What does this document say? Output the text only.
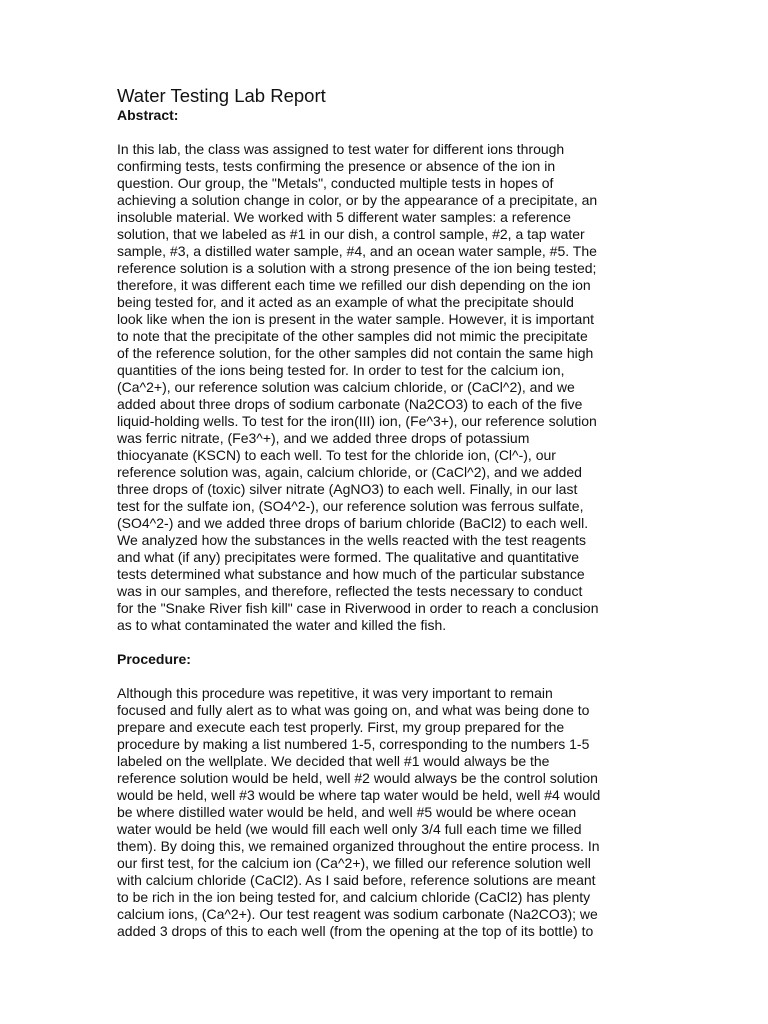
Water Testing Lab Report
Abstract:

In this lab, the class was assigned to test water for different ions through
confirming tests, tests confirming the presence or absence of the ion in
question. Our group, the "Metals", conducted multiple tests in hopes of
achieving a solution change in color, or by the appearance of a precipitate, an
insoluble material. We worked with 5 different water samples: a reference
solution, that we labeled as #1 in our dish, a control sample, #2, a tap water
sample, #3, a distilled water sample, #4, and an ocean water sample, #5. The
reference solution is a solution with a strong presence of the ion being tested;
therefore, it was different each time we refilled our dish depending on the ion
being tested for, and it acted as an example of what the precipitate should
look like when the ion is present in the water sample. However, it is important
to note that the precipitate of the other samples did not mimic the precipitate
of the reference solution, for the other samples did not contain the same high
quantities of the ions being tested for. In order to test for the calcium ion,
(Ca^2+), our reference solution was calcium chloride, or (CaCl^2), and we
added about three drops of sodium carbonate (Na2CO3) to each of the five
liquid-holding wells. To test for the iron(III) ion, (Fe^3+), our reference solution
was ferric nitrate, (Fe3^+), and we added three drops of potassium
thiocyanate (KSCN) to each well. To test for the chloride ion, (Cl^-), our
reference solution was, again, calcium chloride, or (CaCl^2), and we added
three drops of (toxic) silver nitrate (AgNO3) to each well. Finally, in our last
test for the sulfate ion, (SO4^2-), our reference solution was ferrous sulfate,
(SO4^2-) and we added three drops of barium chloride (BaCl2) to each well.
We analyzed how the substances in the wells reacted with the test reagents
and what (if any) precipitates were formed. The qualitative and quantitative
tests determined what substance and how much of the particular substance
was in our samples, and therefore, reflected the tests necessary to conduct
for the "Snake River fish kill" case in Riverwood in order to reach a conclusion
as to what contaminated the water and killed the fish.

Procedure:

Although this procedure was repetitive, it was very important to remain
focused and fully alert as to what was going on, and what was being done to
prepare and execute each test properly. First, my group prepared for the
procedure by making a list numbered 1-5, corresponding to the numbers 1-5
labeled on the wellplate. We decided that well #1 would always be the
reference solution would be held, well #2 would always be the control solution
would be held, well #3 would be where tap water would be held, well #4 would
be where distilled water would be held, and well #5 would be where ocean
water would be held (we would fill each well only 3/4 full each time we filled
them). By doing this, we remained organized throughout the entire process. In
our first test, for the calcium ion (Ca^2+), we filled our reference solution well
with calcium chloride (CaCl2). As I said before, reference solutions are meant
to be rich in the ion being tested for, and calcium chloride (CaCl2) has plenty
calcium ions, (Ca^2+). Our test reagent was sodium carbonate (Na2CO3); we
added 3 drops of this to each well (from the opening at the top of its bottle) to
